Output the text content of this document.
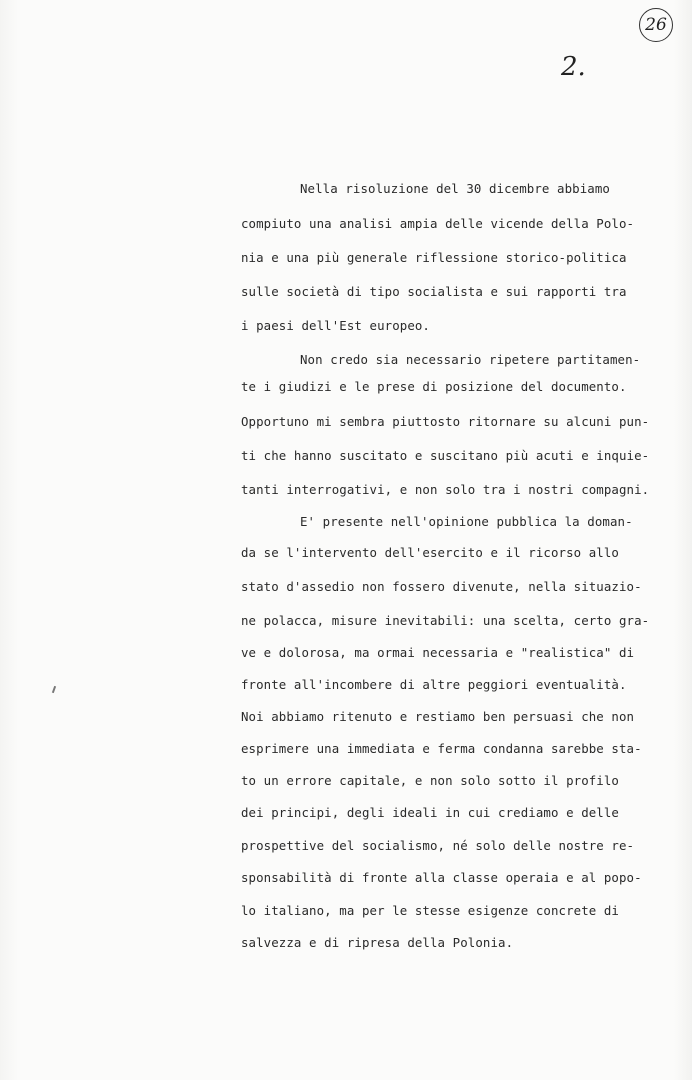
26
2.
Nella risoluzione del 30 dicembre abbiamo
compiuto una analisi ampia delle vicende della Polo-
nia e una più generale riflessione storico-politica
sulle società di tipo socialista e sui rapporti tra
i paesi dell'Est europeo.
Non credo sia necessario ripetere partitamen-
te i giudizi e le prese di posizione del documento.
Opportuno mi sembra piuttosto ritornare su alcuni pun-
ti che hanno suscitato e suscitano più acuti e inquie-
tanti interrogativi, e non solo tra i nostri compagni.
E' presente nell'opinione pubblica la doman-
da se l'intervento dell'esercito e il ricorso allo
stato d'assedio non fossero divenute, nella situazio-
ne polacca, misure inevitabili: una scelta, certo gra-
ve e dolorosa, ma ormai necessaria e "realistica" di
fronte all'incombere di altre peggiori eventualità.
Noi abbiamo ritenuto e restiamo ben persuasi che non
esprimere una immediata e ferma condanna sarebbe sta-
to un errore capitale, e non solo sotto il profilo
dei principi, degli ideali in cui crediamo e delle
prospettive del socialismo, né solo delle nostre re-
sponsabilità di fronte alla classe operaia e al popo-
lo italiano, ma per le stesse esigenze concrete di
salvezza e di ripresa della Polonia.
